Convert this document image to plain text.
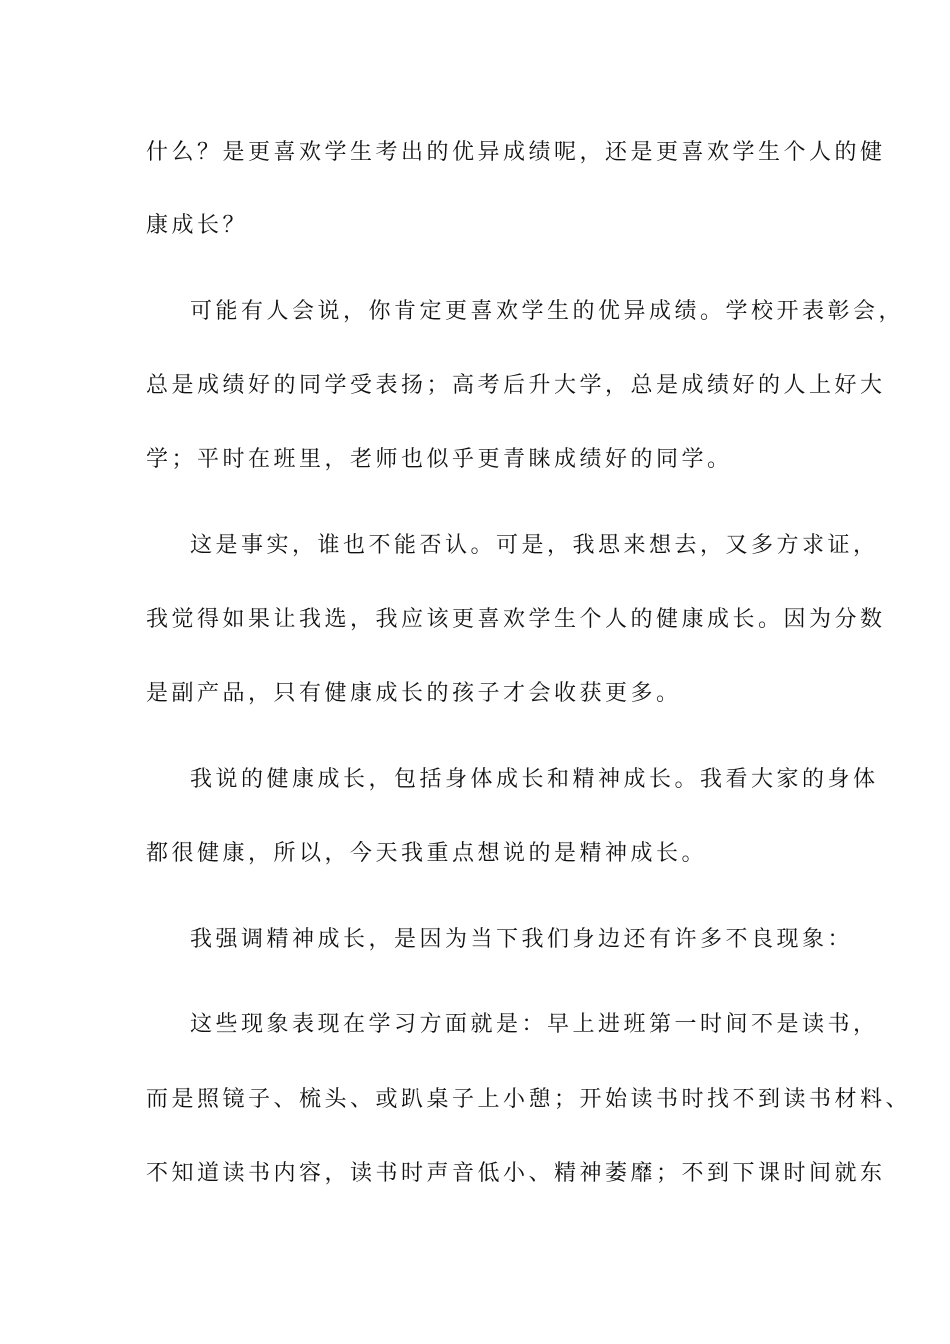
什么？是更喜欢学生考出的优异成绩呢，还是更喜欢学生个人的健
康成长？
可能有人会说，你肯定更喜欢学生的优异成绩。学校开表彰会，
总是成绩好的同学受表扬；高考后升大学，总是成绩好的人上好大
学；平时在班里，老师也似乎更青睐成绩好的同学。
这是事实，谁也不能否认。可是，我思来想去，又多方求证，
我觉得如果让我选，我应该更喜欢学生个人的健康成长。因为分数
是副产品，只有健康成长的孩子才会收获更多。
我说的健康成长，包括身体成长和精神成长。我看大家的身体
都很健康，所以，今天我重点想说的是精神成长。
我强调精神成长，是因为当下我们身边还有许多不良现象：
这些现象表现在学习方面就是：早上进班第一时间不是读书，
而是照镜子、梳头、或趴桌子上小憩；开始读书时找不到读书材料、
不知道读书内容，读书时声音低小、精神萎靡；不到下课时间就东
